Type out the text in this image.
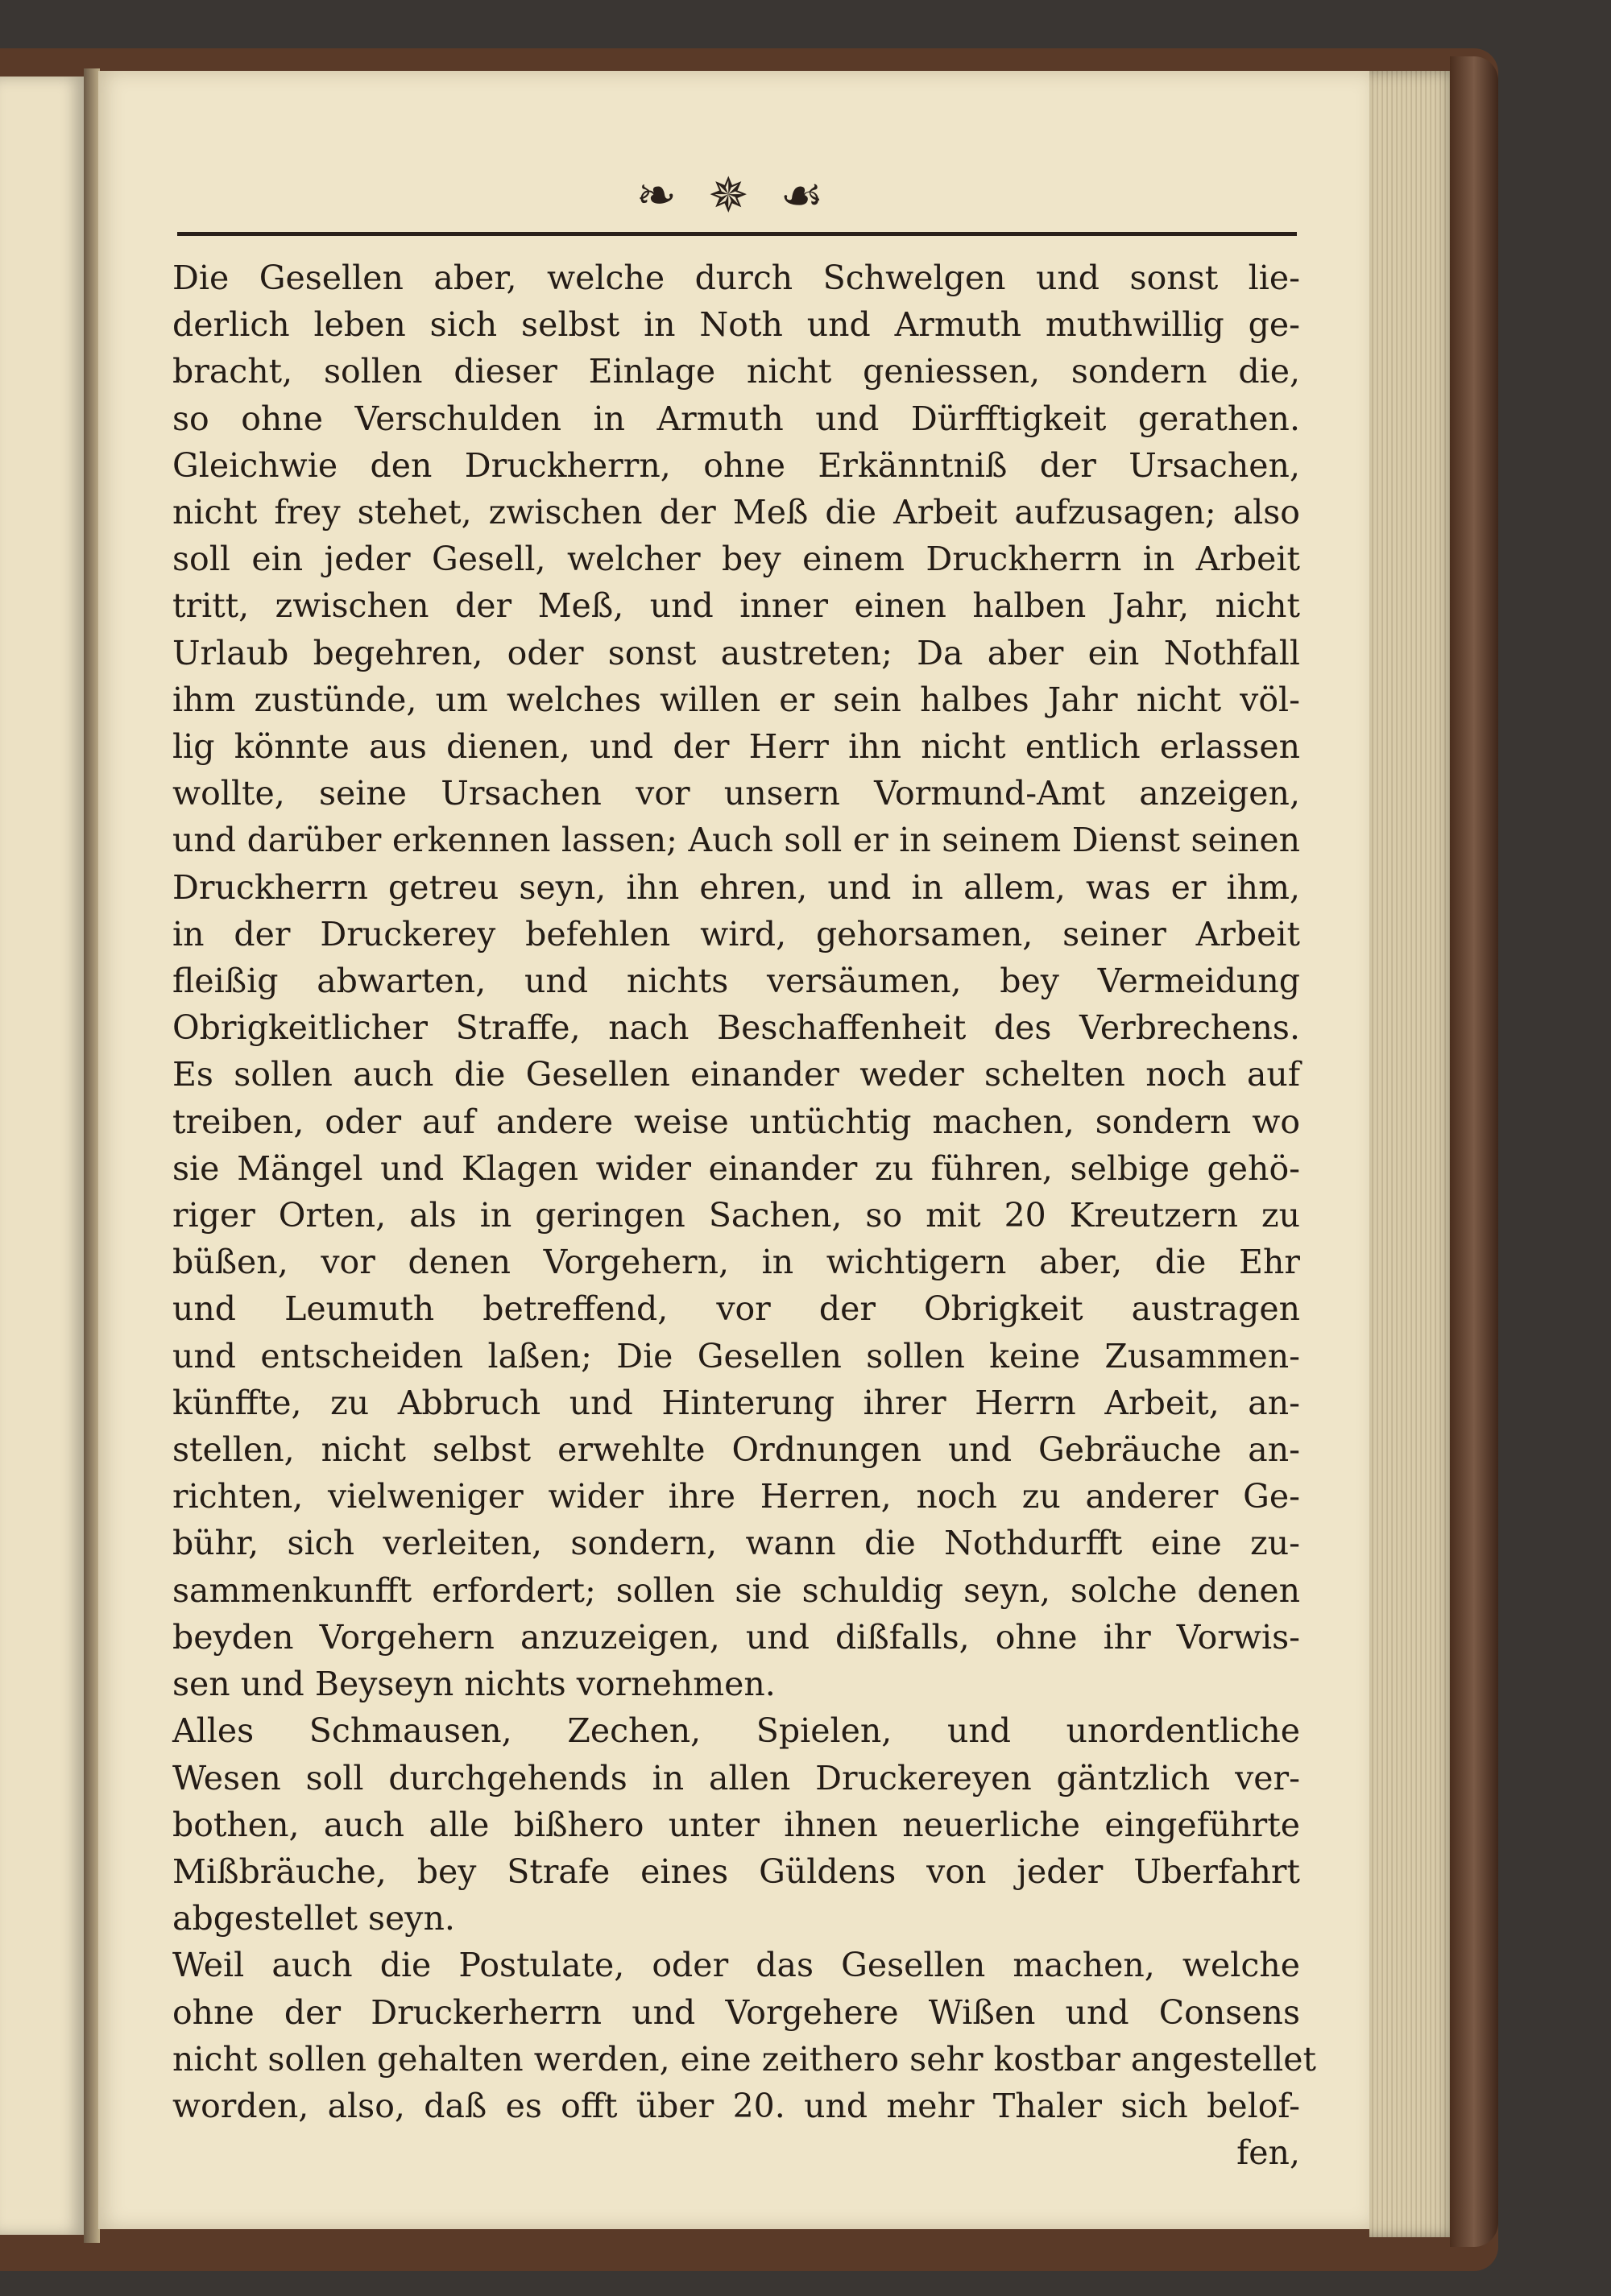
❧ ✵ ☙
Die Gesellen aber, welche durch Schwelgen und sonst lie-
derlich leben sich selbst in Noth und Armuth muthwillig ge-
bracht, sollen dieser Einlage nicht geniessen, sondern die,
so ohne Verschulden in Armuth und Dürfftigkeit gerathen.
Gleichwie den Druckherrn, ohne Erkänntniß der Ursachen,
nicht frey stehet, zwischen der Meß die Arbeit aufzusagen; also
soll ein jeder Gesell, welcher bey einem Druckherrn in Arbeit
tritt, zwischen der Meß, und inner einen halben Jahr, nicht
Urlaub begehren, oder sonst austreten; Da aber ein Nothfall
ihm zustünde, um welches willen er sein halbes Jahr nicht völ-
lig könnte aus dienen, und der Herr ihn nicht entlich erlassen
wollte, seine Ursachen vor unsern Vormund-Amt anzeigen,
und darüber erkennen lassen; Auch soll er in seinem Dienst seinen
Druckherrn getreu seyn, ihn ehren, und in allem, was er ihm,
in der Druckerey befehlen wird, gehorsamen, seiner Arbeit
fleißig abwarten, und nichts versäumen, bey Vermeidung
Obrigkeitlicher Straffe, nach Beschaffenheit des Verbrechens.
Es sollen auch die Gesellen einander weder schelten noch auf
treiben, oder auf andere weise untüchtig machen, sondern wo
sie Mängel und Klagen wider einander zu führen, selbige gehö-
riger Orten, als in geringen Sachen, so mit 20 Kreutzern zu
büßen, vor denen Vorgehern, in wichtigern aber, die Ehr
und Leumuth betreffend, vor der Obrigkeit austragen
und entscheiden laßen; Die Gesellen sollen keine Zusammen-
künffte, zu Abbruch und Hinterung ihrer Herrn Arbeit, an-
stellen, nicht selbst erwehlte Ordnungen und Gebräuche an-
richten, vielweniger wider ihre Herren, noch zu anderer Ge-
bühr, sich verleiten, sondern, wann die Nothdurfft eine zu-
sammenkunfft erfordert; sollen sie schuldig seyn, solche denen
beyden Vorgehern anzuzeigen, und dißfalls, ohne ihr Vorwis-
sen und Beyseyn nichts vornehmen.
Alles Schmausen, Zechen, Spielen, und unordentliche
Wesen soll durchgehends in allen Druckereyen gäntzlich ver-
bothen, auch alle bißhero unter ihnen neuerliche eingeführte
Mißbräuche, bey Strafe eines Güldens von jeder Uberfahrt
abgestellet seyn.
Weil auch die Postulate, oder das Gesellen machen, welche
ohne der Druckerherrn und Vorgehere Wißen und Consens
nicht sollen gehalten werden, eine zeithero sehr kostbar angestellet
worden, also, daß es offt über 20. und mehr Thaler sich belof-
fen,
